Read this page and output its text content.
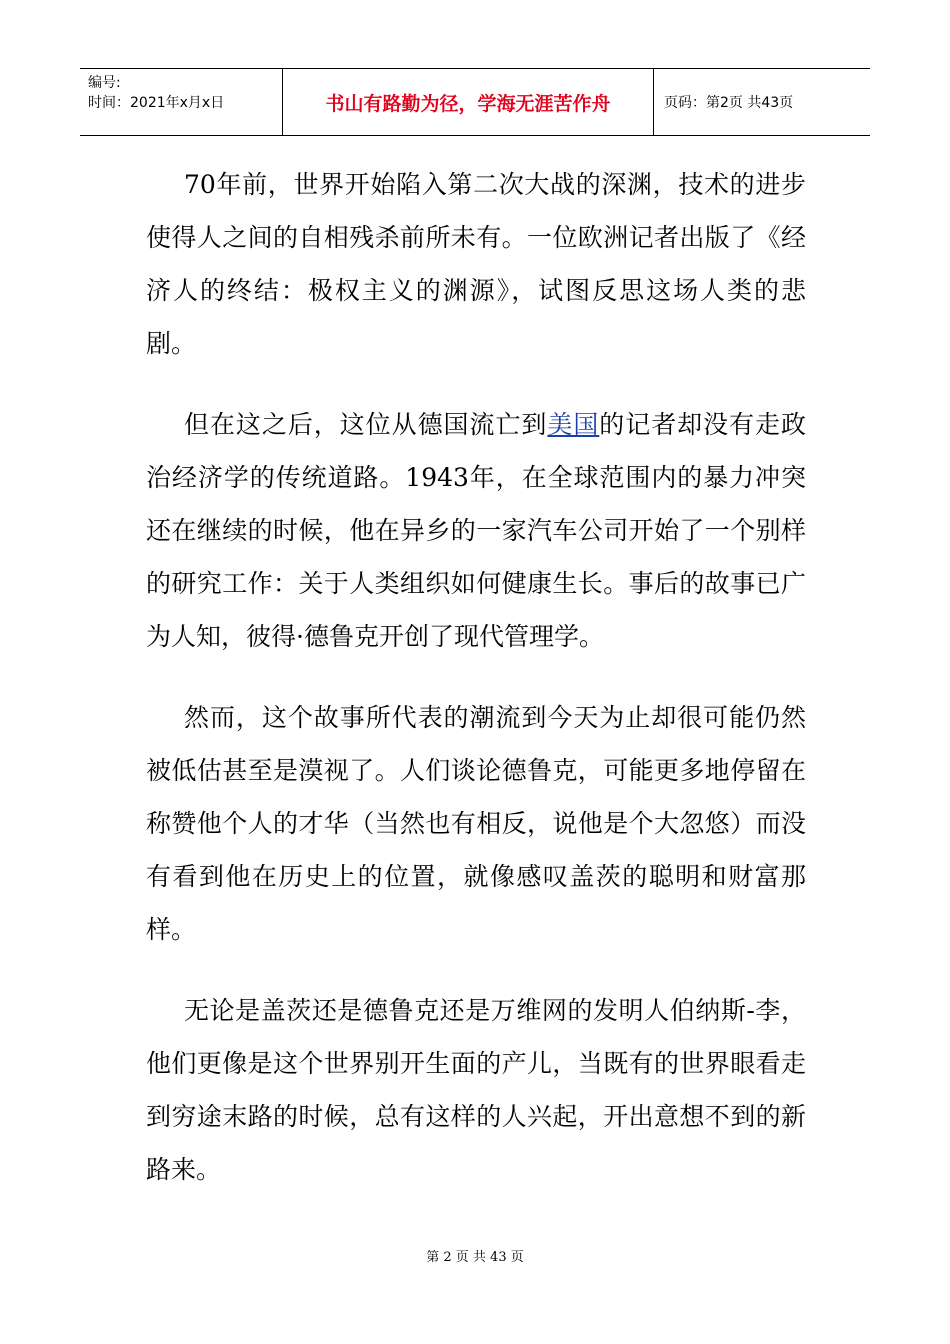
编号:
时间：2021年x月x日	书山有路勤为径，学海无涯苦作舟	页码：第2页 共43页

70年前，世界开始陷入第二次大战的深渊，技术的进步使得人之间的自相残杀前所未有。一位欧洲记者出版了《经济人的终结：极权主义的渊源》，试图反思这场人类的悲剧。

但在这之后，这位从德国流亡到美国的记者却没有走政治经济学的传统道路。1943年，在全球范围内的暴力冲突还在继续的时候，他在异乡的一家汽车公司开始了一个别样的研究工作：关于人类组织如何健康生长。事后的故事已广为人知，彼得·德鲁克开创了现代管理学。

然而，这个故事所代表的潮流到今天为止却很可能仍然被低估甚至是漠视了。人们谈论德鲁克，可能更多地停留在称赞他个人的才华（当然也有相反，说他是个大忽悠）而没有看到他在历史上的位置，就像感叹盖茨的聪明和财富那样。

无论是盖茨还是德鲁克还是万维网的发明人伯纳斯-李，他们更像是这个世界别开生面的产儿，当既有的世界眼看走到穷途末路的时候，总有这样的人兴起，开出意想不到的新路来。

第 2 页 共 43 页
